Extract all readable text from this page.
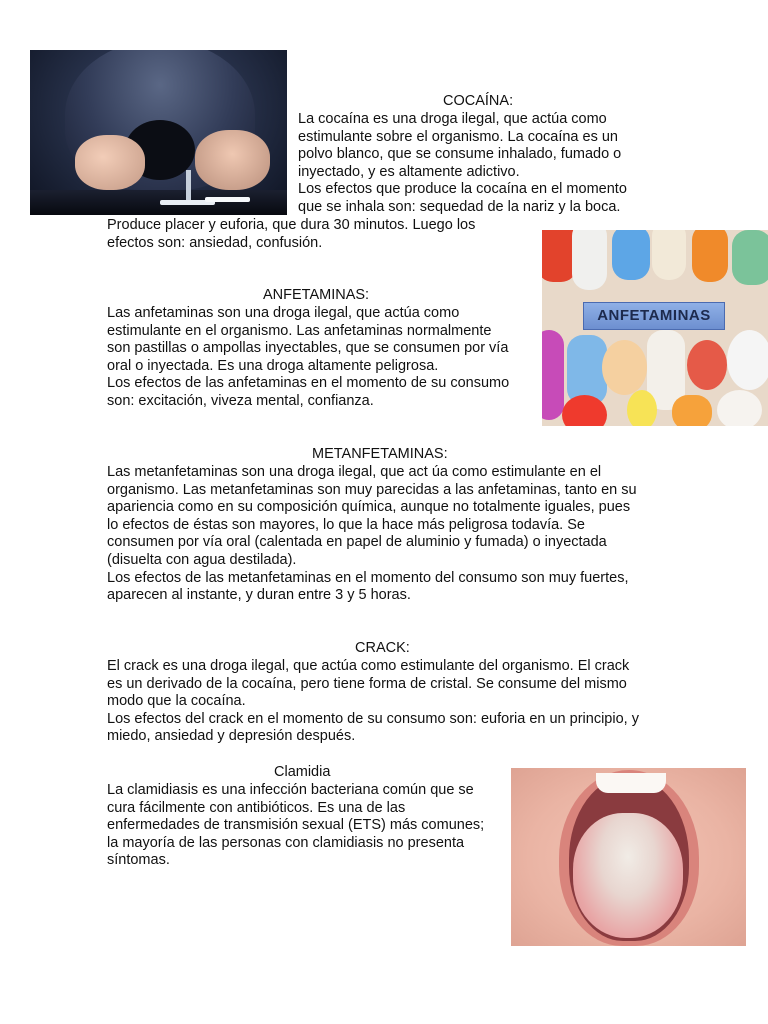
COCAÍNA:
La cocaína es una droga ilegal, que actúa como
estimulante sobre el organismo. La cocaína es un
polvo blanco, que se consume inhalado, fumado o
inyectado, y es altamente adictivo.
Los efectos que produce la cocaína en el momento
que se inhala son: sequedad de la nariz y la boca.
Produce placer y euforia, que dura 30 minutos. Luego los
efectos son: ansiedad, confusión.
ANFETAMINAS
ANFETAMINAS:
Las anfetaminas son una droga ilegal, que actúa como
estimulante en el organismo. Las anfetaminas normalmente
son pastillas o ampollas inyectables, que se consumen por vía
oral o inyectada. Es una droga altamente peligrosa.
Los efectos de las anfetaminas en el momento de su consumo
son: excitación, viveza mental, confianza.
METANFETAMINAS:
Las metanfetaminas son una droga ilegal, que act úa como estimulante en el
organismo. Las metanfetaminas son muy parecidas a las anfetaminas, tanto en su
apariencia como en su composición química, aunque no totalmente iguales, pues
lo efectos de éstas son mayores, lo que la hace más peligrosa todavía. Se
consumen por vía oral (calentada en papel de aluminio y fumada) o inyectada
(disuelta con agua destilada).
Los efectos de las metanfetaminas en el momento del consumo son muy fuertes,
aparecen al instante, y duran entre 3 y 5 horas.
CRACK:
El crack es una droga ilegal, que actúa como estimulante del organismo. El crack
es un derivado de la cocaína, pero tiene forma de cristal. Se consume del mismo
modo que la cocaína.
Los efectos del crack en el momento de su consumo son: euforia en un principio, y
miedo, ansiedad y depresión después.
Clamidia
La clamidiasis es una infección bacteriana común que se
cura fácilmente con antibióticos. Es una de las
enfermedades de transmisión sexual (ETS) más comunes;
la mayoría de las personas con clamidiasis no presenta
síntomas.
